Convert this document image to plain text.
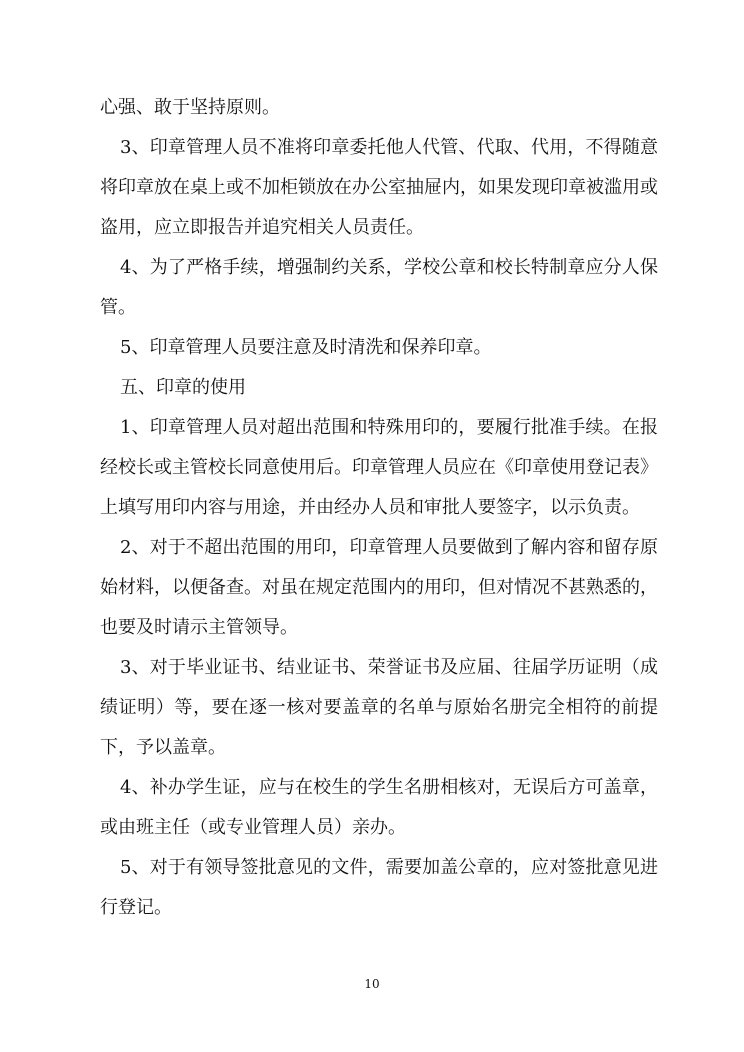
心强、敢于坚持原则。

3、印章管理人员不准将印章委托他人代管、代取、代用，不得随意将印章放在桌上或不加柜锁放在办公室抽屉内，如果发现印章被滥用或盗用，应立即报告并追究相关人员责任。

4、为了严格手续，增强制约关系，学校公章和校长特制章应分人保管。

5、印章管理人员要注意及时清洗和保养印章。

五、印章的使用

1、印章管理人员对超出范围和特殊用印的，要履行批准手续。在报经校长或主管校长同意使用后。印章管理人员应在《印章使用登记表》上填写用印内容与用途，并由经办人员和审批人要签字，以示负责。

2、对于不超出范围的用印，印章管理人员要做到了解内容和留存原始材料，以便备查。对虽在规定范围内的用印，但对情况不甚熟悉的，也要及时请示主管领导。

3、对于毕业证书、结业证书、荣誉证书及应届、往届学历证明（成绩证明）等，要在逐一核对要盖章的名单与原始名册完全相符的前提下，予以盖章。

4、补办学生证，应与在校生的学生名册相核对，无误后方可盖章，或由班主任（或专业管理人员）亲办。

5、对于有领导签批意见的文件，需要加盖公章的，应对签批意见进行登记。

10
